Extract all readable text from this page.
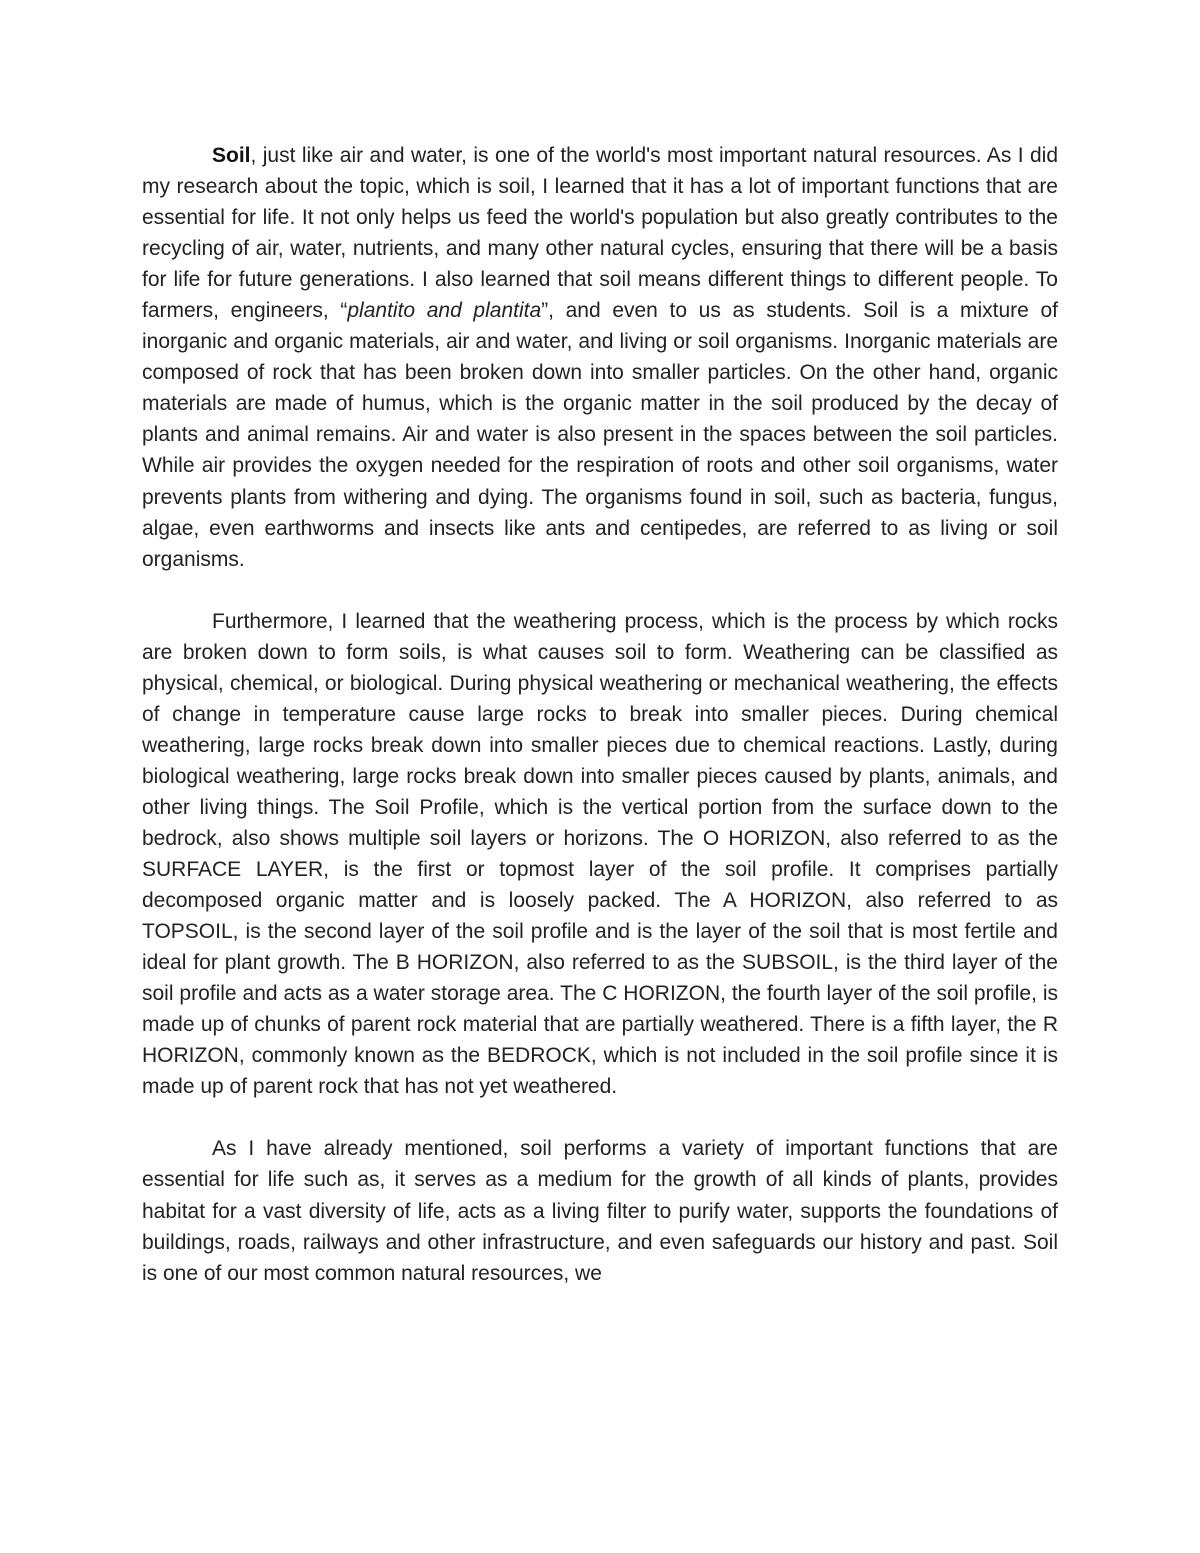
Soil, just like air and water, is one of the world's most important natural resources. As I did my research about the topic, which is soil, I learned that it has a lot of important functions that are essential for life. It not only helps us feed the world's population but also greatly contributes to the recycling of air, water, nutrients, and many other natural cycles, ensuring that there will be a basis for life for future generations. I also learned that soil means different things to different people. To farmers, engineers, “plantito and plantita”, and even to us as students. Soil is a mixture of inorganic and organic materials, air and water, and living or soil organisms. Inorganic materials are composed of rock that has been broken down into smaller particles. On the other hand, organic materials are made of humus, which is the organic matter in the soil produced by the decay of plants and animal remains. Air and water is also present in the spaces between the soil particles. While air provides the oxygen needed for the respiration of roots and other soil organisms, water prevents plants from withering and dying. The organisms found in soil, such as bacteria, fungus, algae, even earthworms and insects like ants and centipedes, are referred to as living or soil organisms.

Furthermore, I learned that the weathering process, which is the process by which rocks are broken down to form soils, is what causes soil to form. Weathering can be classified as physical, chemical, or biological. During physical weathering or mechanical weathering, the effects of change in temperature cause large rocks to break into smaller pieces. During chemical weathering, large rocks break down into smaller pieces due to chemical reactions. Lastly, during biological weathering, large rocks break down into smaller pieces caused by plants, animals, and other living things. The Soil Profile, which is the vertical portion from the surface down to the bedrock, also shows multiple soil layers or horizons. The O HORIZON, also referred to as the SURFACE LAYER, is the first or topmost layer of the soil profile. It comprises partially decomposed organic matter and is loosely packed. The A HORIZON, also referred to as TOPSOIL, is the second layer of the soil profile and is the layer of the soil that is most fertile and ideal for plant growth. The B HORIZON, also referred to as the SUBSOIL, is the third layer of the soil profile and acts as a water storage area. The C HORIZON, the fourth layer of the soil profile, is made up of chunks of parent rock material that are partially weathered. There is a fifth layer, the R HORIZON, commonly known as the BEDROCK, which is not included in the soil profile since it is made up of parent rock that has not yet weathered.

As I have already mentioned, soil performs a variety of important functions that are essential for life such as, it serves as a medium for the growth of all kinds of plants, provides habitat for a vast diversity of life, acts as a living filter to purify water, supports the foundations of buildings, roads, railways and other infrastructure, and even safeguards our history and past. Soil is one of our most common natural resources, we
